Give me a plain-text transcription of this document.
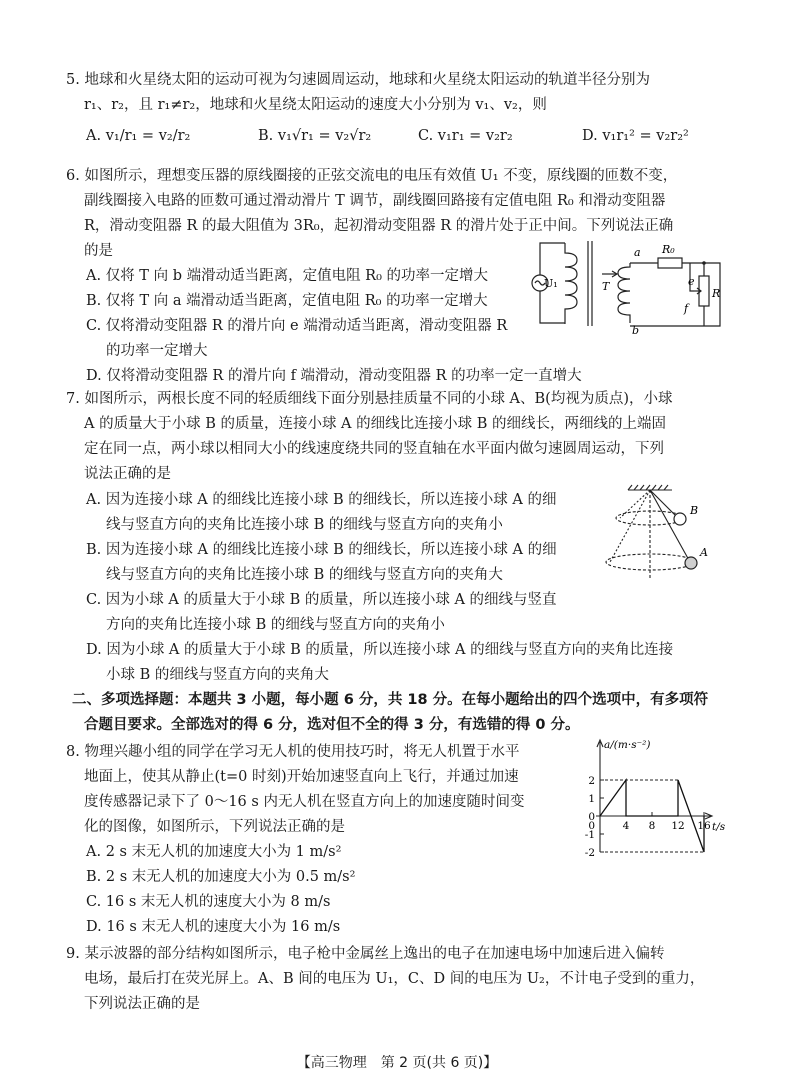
5. 地球和火星绕太阳的运动可视为匀速圆周运动，地球和火星绕太阳运动的轨道半径分别为
r₁、r₂，且 r₁≠r₂，地球和火星绕太阳运动的速度大小分别为 v₁、v₂，则
A. v₁/r₁ = v₂/r₂	B. v₁√r₁ = v₂√r₂	C. v₁r₁ = v₂r₂	D. v₁r₁² = v₂r₂²
6. 如图所示，理想变压器的原线圈接的正弦交流电的电压有效值 U₁ 不变，原线圈的匝数不变，
副线圈接入电路的匝数可通过滑动滑片 T 调节，副线圈回路接有定值电阻 R₀ 和滑动变阻器
R，滑动变阻器 R 的最大阻值为 3R₀，起初滑动变阻器 R 的滑片处于正中间。下列说法正确
的是
A. 仅将 T 向 b 端滑动适当距离，定值电阻 R₀ 的功率一定增大
B. 仅将 T 向 a 端滑动适当距离，定值电阻 R₀ 的功率一定增大
C. 仅将滑动变阻器 R 的滑片向 e 端滑动适当距离，滑动变阻器 R
的功率一定增大
D. 仅将滑动变阻器 R 的滑片向 f 端滑动，滑动变阻器 R 的功率一定一直增大
U₁
a
T
R₀
e
R
f
b
7. 如图所示，两根长度不同的轻质细线下面分别悬挂质量不同的小球 A、B(均视为质点)，小球
A 的质量大于小球 B 的质量，连接小球 A 的细线比连接小球 B 的细线长，两细线的上端固
定在同一点，两小球以相同大小的线速度绕共同的竖直轴在水平面内做匀速圆周运动，下列
说法正确的是
A. 因为连接小球 A 的细线比连接小球 B 的细线长，所以连接小球 A 的细
线与竖直方向的夹角比连接小球 B 的细线与竖直方向的夹角小
B. 因为连接小球 A 的细线比连接小球 B 的细线长，所以连接小球 A 的细
线与竖直方向的夹角比连接小球 B 的细线与竖直方向的夹角大
C. 因为小球 A 的质量大于小球 B 的质量，所以连接小球 A 的细线与竖直
方向的夹角比连接小球 B 的细线与竖直方向的夹角小
D. 因为小球 A 的质量大于小球 B 的质量，所以连接小球 A 的细线与竖直方向的夹角比连接
小球 B 的细线与竖直方向的夹角大
B
A
二、多项选择题：本题共 3 小题，每小题 6 分，共 18 分。在每小题给出的四个选项中，有多项符
合题目要求。全部选对的得 6 分，选对但不全的得 3 分，有选错的得 0 分。
8. 物理兴趣小组的同学在学习无人机的使用技巧时，将无人机置于水平
地面上，使其从静止(t=0 时刻)开始加速竖直向上飞行，并通过加速
度传感器记录下了 0～16 s 内无人机在竖直方向上的加速度随时间变
化的图像，如图所示，下列说法正确的是
A. 2 s 末无人机的加速度大小为 1 m/s²
B. 2 s 末无人机的加速度大小为 0.5 m/s²
C. 16 s 末无人机的速度大小为 8 m/s
D. 16 s 末无人机的速度大小为 16 m/s
2
1
0
-1
-2
4 8 12 16
0
a/(m·s⁻²)
t/s
9. 某示波器的部分结构如图所示，电子枪中金属丝上逸出的电子在加速电场中加速后进入偏转
电场，最后打在荧光屏上。A、B 间的电压为 U₁，C、D 间的电压为 U₂，不计电子受到的重力，
下列说法正确的是
【高三物理　第 2 页(共 6 页)】
